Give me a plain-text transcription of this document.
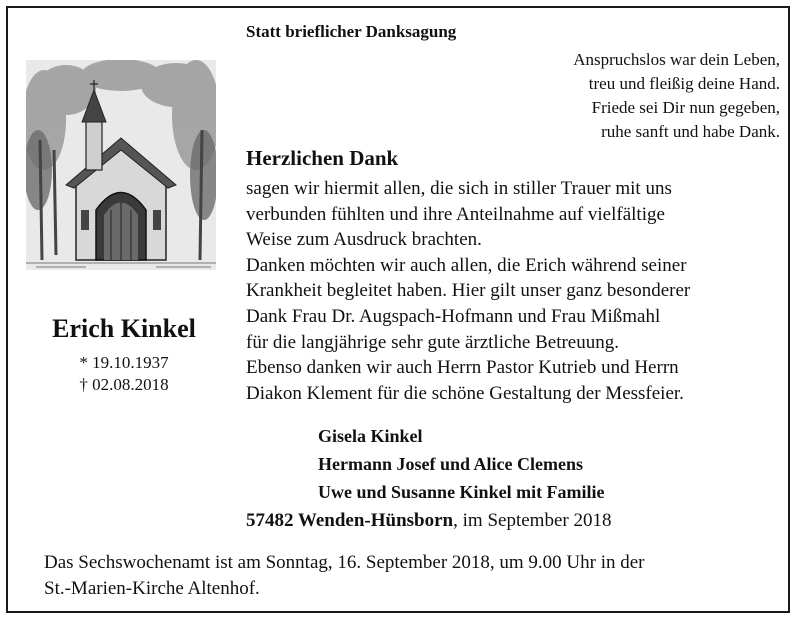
Statt brieflicher Danksagung
Anspruchslos war dein Leben,
treu und fleißig deine Hand.
Friede sei Dir nun gegeben,
ruhe sanft und habe Dank.
Erich Kinkel
* 19.10.1937
† 02.08.2018
Herzlichen Dank
sagen wir hiermit allen, die sich in stiller Trauer mit uns
verbunden fühlten und ihre Anteilnahme auf vielfältige
Weise zum Ausdruck brachten.
Danken möchten wir auch allen, die Erich während seiner
Krankheit begleitet haben. Hier gilt unser ganz besonderer
Dank Frau Dr. Augspach-Hofmann und Frau Mißmahl
für die langjährige sehr gute ärztliche Betreuung.
Ebenso danken wir auch Herrn Pastor Kutrieb und Herrn
Diakon Klement für die schöne Gestaltung der Messfeier.
Gisela Kinkel
Hermann Josef und Alice Clemens
Uwe und Susanne Kinkel mit Familie
57482 Wenden-Hünsborn, im September 2018
Das Sechswochenamt ist am Sonntag, 16. September 2018, um 9.00 Uhr in der
St.-Marien-Kirche Altenhof.
